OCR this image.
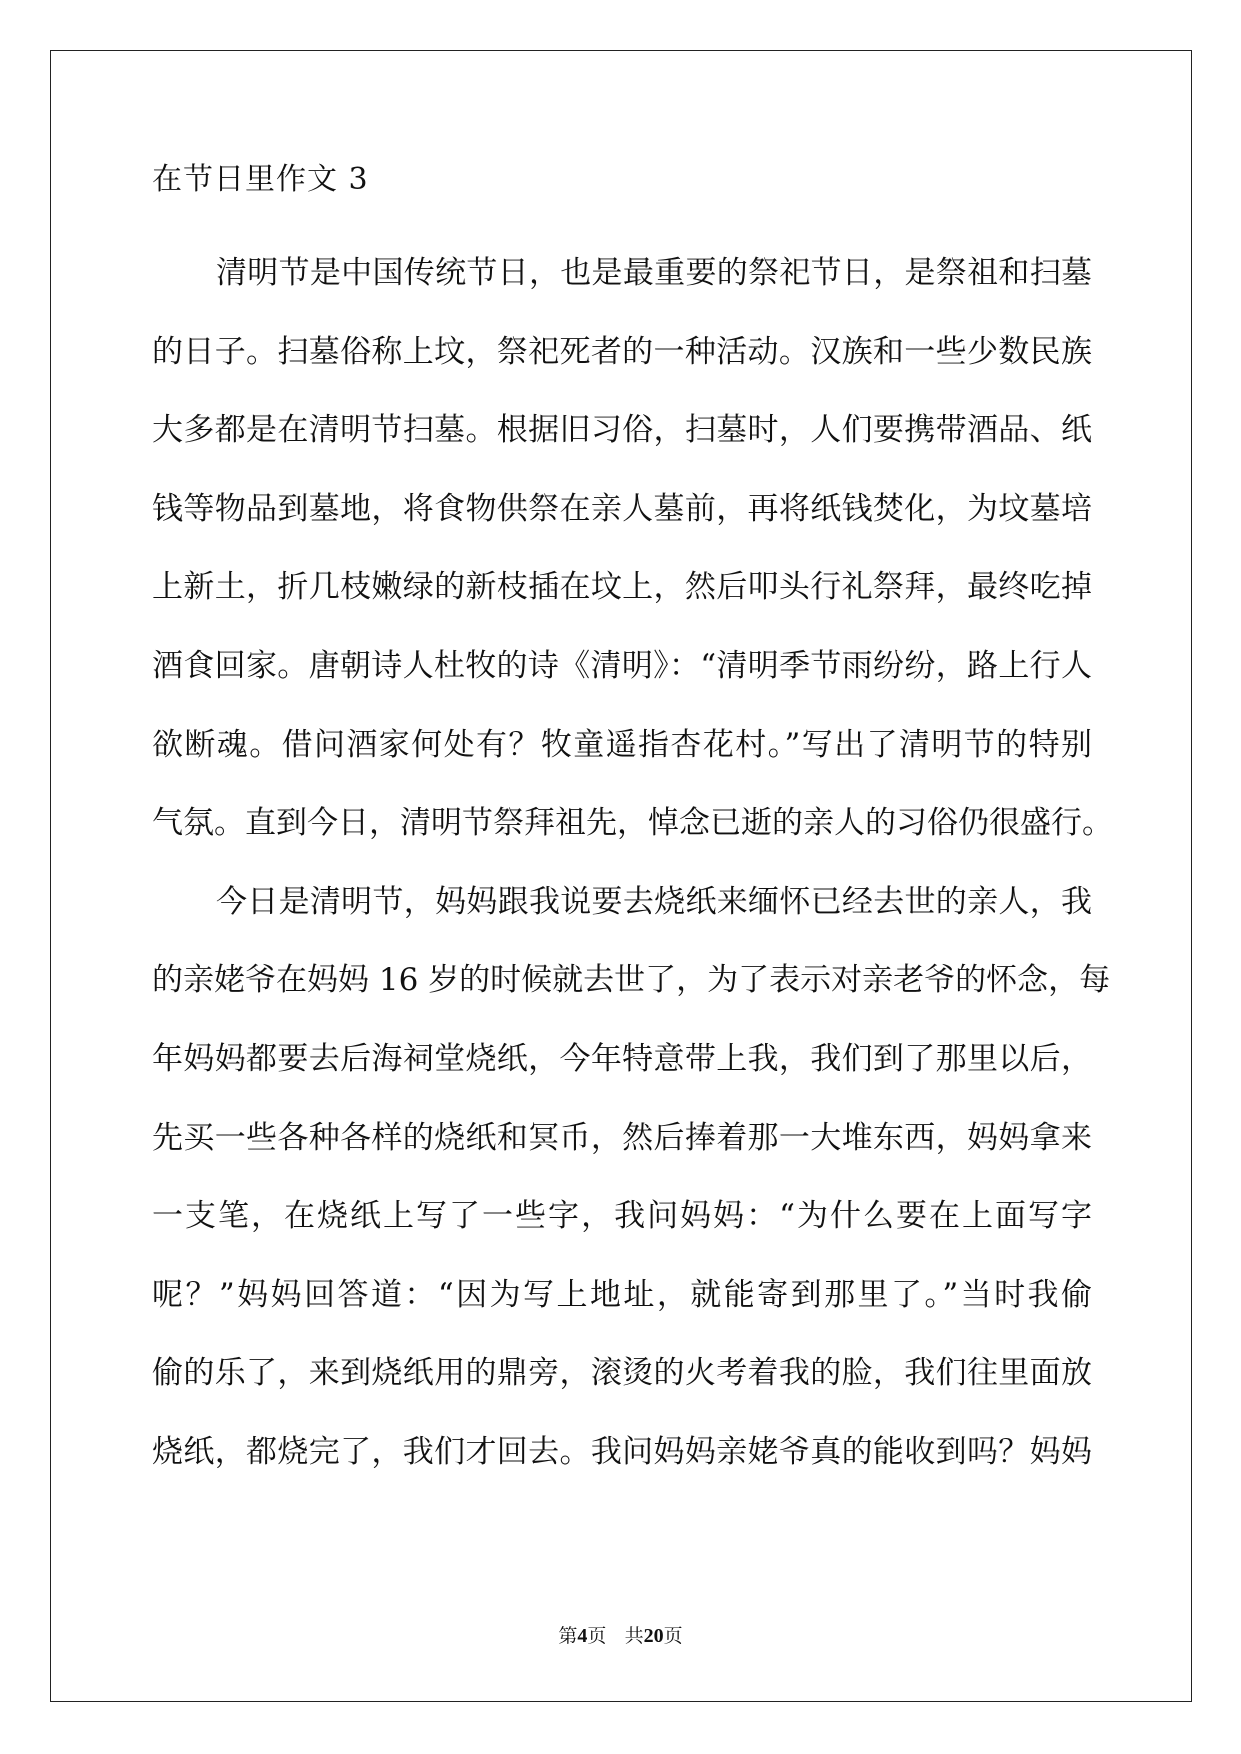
在节日里作文 3
清明节是中国传统节日，也是最重要的祭祀节日，是祭祖和扫墓
的日子。扫墓俗称上坟，祭祀死者的一种活动。汉族和一些少数民族
大多都是在清明节扫墓。根据旧习俗，扫墓时，人们要携带酒品、纸
钱等物品到墓地，将食物供祭在亲人墓前，再将纸钱焚化，为坟墓培
上新土，折几枝嫩绿的新枝插在坟上，然后叩头行礼祭拜，最终吃掉
酒食回家。唐朝诗人杜牧的诗《清明》：“清明季节雨纷纷，路上行人
欲断魂。借问酒家何处有？牧童遥指杏花村。”写出了清明节的特别
气氛。直到今日，清明节祭拜祖先，悼念已逝的亲人的习俗仍很盛行。
今日是清明节，妈妈跟我说要去烧纸来缅怀已经去世的亲人，我
的亲姥爷在妈妈 16 岁的时候就去世了，为了表示对亲老爷的怀念，每
年妈妈都要去后海祠堂烧纸，今年特意带上我，我们到了那里以后，
先买一些各种各样的烧纸和冥币，然后捧着那一大堆东西，妈妈拿来
一支笔，在烧纸上写了一些字，我问妈妈：“为什么要在上面写字
呢？”妈妈回答道：“因为写上地址，就能寄到那里了。”当时我偷
偷的乐了，来到烧纸用的鼎旁，滚烫的火考着我的脸，我们往里面放
烧纸，都烧完了，我们才回去。我问妈妈亲姥爷真的能收到吗？妈妈
第4页 共20页
